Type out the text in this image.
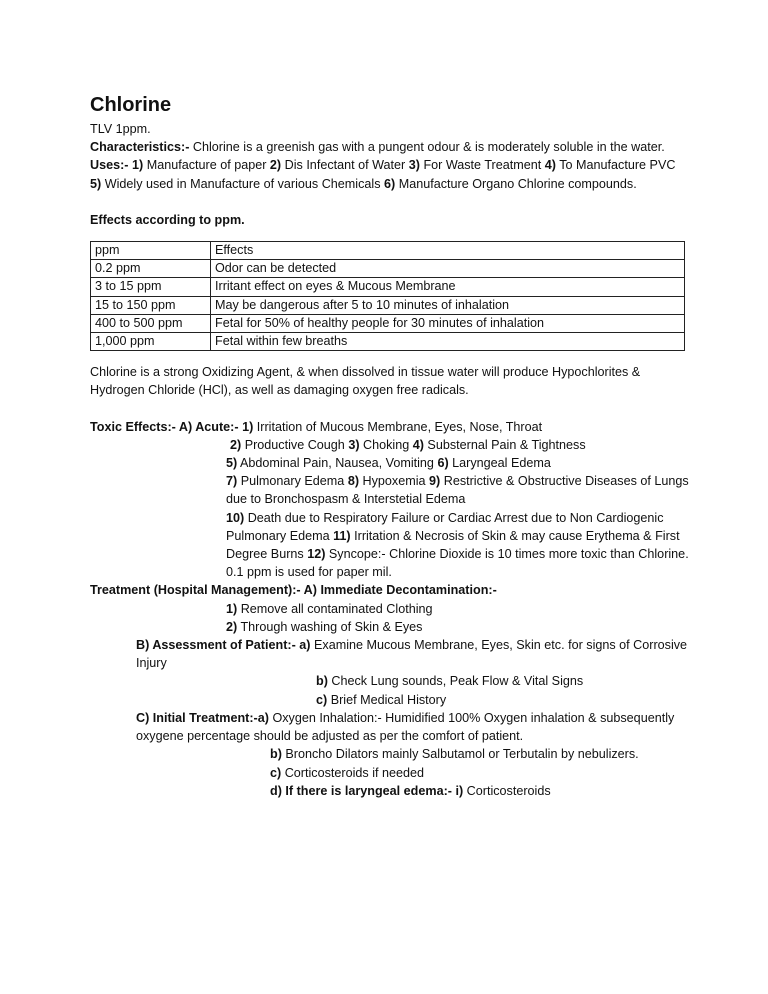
Chlorine

TLV 1ppm.

Characteristics:- Chlorine is a greenish gas with a pungent odour & is moderately soluble in the water.

Uses:- 1) Manufacture of paper 2) Dis Infectant of Water 3) For Waste Treatment 4) To Manufacture PVC 5) Widely used in Manufacture of various Chemicals 6) Manufacture Organo Chlorine compounds.

Effects according to ppm.

ppm	Effects
0.2 ppm	Odor can be detected
3 to 15 ppm	Irritant effect on eyes & Mucous Membrane
15 to 150 ppm	May be dangerous after 5 to 10 minutes of inhalation
400 to 500 ppm	Fetal for 50% of healthy people for 30 minutes of inhalation
1,000 ppm	Fetal within few breaths

Chlorine is a strong Oxidizing Agent, & when dissolved in tissue water will produce Hypochlorites & Hydrogen Chloride (HCl), as well as damaging oxygen free radicals.

Toxic Effects:- A) Acute:- 1) Irritation of Mucous Membrane, Eyes, Nose, Throat

2) Productive Cough 3) Choking 4) Substernal Pain & Tightness

5) Abdominal Pain, Nausea, Vomiting 6) Laryngeal Edema

7) Pulmonary Edema 8) Hypoxemia 9) Restrictive & Obstructive Diseases of Lungs due to Bronchospasm & Interstetial Edema

10) Death due to Respiratory Failure or Cardiac Arrest due to Non Cardiogenic Pulmonary Edema 11) Irritation & Necrosis of Skin & may cause Erythema & First Degree Burns 12) Syncope:- Chlorine Dioxide is 10 times more toxic than Chlorine. 0.1 ppm is used for paper mil.

Treatment (Hospital Management):- A) Immediate Decontamination:-

1) Remove all contaminated Clothing

2) Through washing of Skin & Eyes

B) Assessment of Patient:- a) Examine Mucous Membrane, Eyes, Skin etc. for signs of Corrosive Injury

b) Check Lung sounds, Peak Flow & Vital Signs

c) Brief Medical History

C) Initial Treatment:-a) Oxygen Inhalation:- Humidified 100% Oxygen inhalation & subsequently oxygene percentage should be adjusted as per the comfort of patient.

b) Broncho Dilators mainly Salbutamol or Terbutalin by nebulizers.

c) Corticosteroids if needed

d) If there is laryngeal edema:- i) Corticosteroids
